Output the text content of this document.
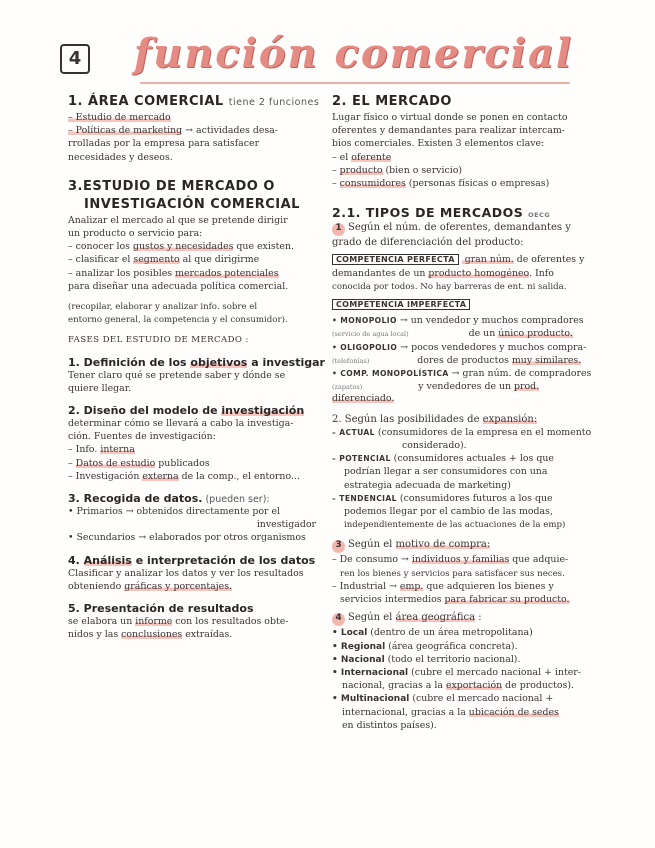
4 función comercial
1. ÁREA COMERCIAL tiene 2 funciones
– Estudio de mercado
– Políticas de marketing → actividades desa-
rrolladas por la empresa para satisfacer
necesidades y deseos.
3.ESTUDIO DE MERCADO O
INVESTIGACIÓN COMERCIAL
Analizar el mercado al que se pretende dirigir
un producto o servicio para:
– conocer los gustos y necesidades que existen.
– clasificar el segmento al que dirigirme
– analizar los posibles mercados potenciales
para diseñar una adecuada política comercial.
(recopilar, elaborar y analizar info. sobre el
entorno general, la competencia y el consumidor).
FASES DEL ESTUDIO DE MERCADO :
1. Definición de los objetivos a investigar
Tener claro qué se pretende saber y dónde se
quiere llegar.
2. Diseño del modelo de investigación
determinar cómo se llevará a cabo la investiga-
ción. Fuentes de investigación:
– Info. interna
– Datos de estudio publicados
– Investigación externa de la comp., el entorno...
3. Recogida de datos. (pueden ser):
• Primarios → obtenidos directamente por el
investigador
• Secundarios → elaborados por otros organismos
4. Análisis e interpretación de los datos
Clasificar y analizar los datos y ver los resultados
obteniendo gráficas y porcentajes.
5. Presentación de resultados
se elabora un informe con los resultados obte-
nidos y las conclusiones extraídas.
2. EL MERCADO
Lugar físico o virtual donde se ponen en contacto
oferentes y demandantes para realizar intercam-
bios comerciales. Existen 3 elementos clave:
– el oferente
– producto (bien o servicio)
– consumidores (personas físicas o empresas)
2.1. TIPOS DE MERCADOS OECG
1 Según el núm. de oferentes, demandantes y
grado de diferenciación del producto:
COMPETENCIA PERFECTA gran núm. de oferentes y
demandantes de un producto homogéneo. Info
conocida por todos. No hay barreras de ent. ni salida.
COMPETENCIA IMPERFECTA
• MONOPOLIO → un vendedor y muchos compradores
(servicio de agua local)	de un único producto.
• OLIGOPOLIO → pocos vendedores y muchos compra-
(telefonías)	dores de productos muy similares.
• COMP. MONOPOLÍSTICA → gran núm. de compradores
(zapatos)	y vendedores de un prod. diferenciado.
2. Según las posibilidades de expansión:
– ACTUAL (consumidores de la empresa en el momento
considerado).
– POTENCIAL (consumidores actuales + los que
podrían llegar a ser consumidores con una
estrategia adecuada de marketing)
– TENDENCIAL (consumidores futuros a los que
podemos llegar por el cambio de las modas,
independientemente de las actuaciones de la emp)
3 Según el motivo de compra:
– De consumo → individuos y familias que adquie-
ren los bienes y servicios para satisfacer sus neces.
– Industrial → emp. que adquieren los bienes y
servicios intermedios para fabricar su producto.
4 Según el área geográfica :
• Local (dentro de un área metropolitana)
• Regional (área geográfica concreta).
• Nacional (todo el territorio nacional).
• Internacional (cubre el mercado nacional + inter-
nacional, gracias a la exportación de productos).
• Multinacional (cubre el mercado nacional +
internacional, gracias a la ubicación de sedes
en distintos países).
